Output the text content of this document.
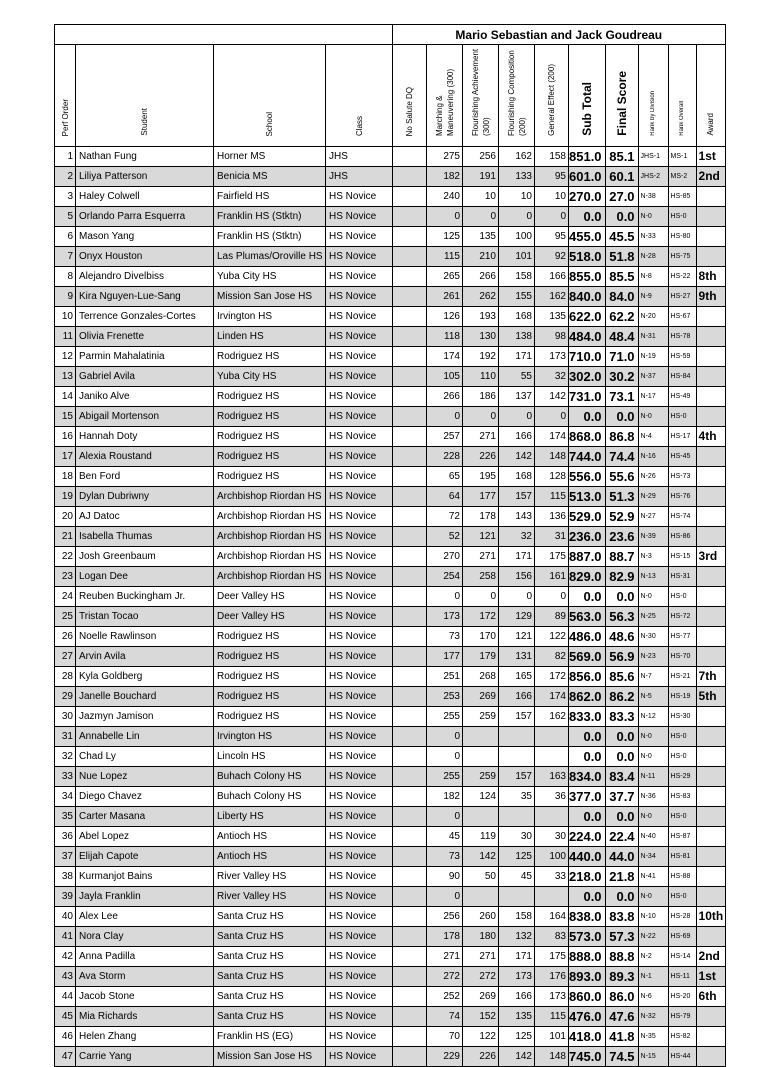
				Mario Sebastian and Jack Goudreau									
Perf Order	Student	School	Class	No Salute DQ	Marching & Maneuvering (300)	Flourishing Achievement (300)	Flourishing Composition (200)	General Effect (200)	Sub Total	Final Score	Rank by Division	Rank Overall	Award
1	Nathan Fung	Horner MS	JHS		275	256	162	158	851.0	85.1	JHS-1	MS-1	1st
2	Liliya Patterson	Benicia MS	JHS		182	191	133	95	601.0	60.1	JHS-2	MS-2	2nd
3	Haley Colwell	Fairfield HS	HS Novice		240	10	10	10	270.0	27.0	N-38	HS-85	
5	Orlando Parra Esquerra	Franklin HS (Stktn)	HS Novice		0	0	0	0	0.0	0.0	N-0	HS-0	
6	Mason Yang	Franklin HS (Stktn)	HS Novice		125	135	100	95	455.0	45.5	N-33	HS-80	
7	Onyx Houston	Las Plumas/Oroville HS	HS Novice		115	210	101	92	518.0	51.8	N-28	HS-75	
8	Alejandro Divelbiss	Yuba City HS	HS Novice		265	266	158	166	855.0	85.5	N-8	HS-22	8th
9	Kira Nguyen-Lue-Sang	Mission San Jose HS	HS Novice		261	262	155	162	840.0	84.0	N-9	HS-27	9th
10	Terrence Gonzales-Cortes	Irvington HS	HS Novice		126	193	168	135	622.0	62.2	N-20	HS-67	
11	Olivia Frenette	Linden HS	HS Novice		118	130	138	98	484.0	48.4	N-31	HS-78	
12	Parmin Mahalatinia	Rodriguez HS	HS Novice		174	192	171	173	710.0	71.0	N-19	HS-59	
13	Gabriel Avila	Yuba City HS	HS Novice		105	110	55	32	302.0	30.2	N-37	HS-84	
14	Janiko Alve	Rodriguez HS	HS Novice		266	186	137	142	731.0	73.1	N-17	HS-49	
15	Abigail Mortenson	Rodriguez HS	HS Novice		0	0	0	0	0.0	0.0	N-0	HS-0	
16	Hannah Doty	Rodriguez HS	HS Novice		257	271	166	174	868.0	86.8	N-4	HS-17	4th
17	Alexia Roustand	Rodriguez HS	HS Novice		228	226	142	148	744.0	74.4	N-16	HS-45	
18	Ben Ford	Rodriguez HS	HS Novice		65	195	168	128	556.0	55.6	N-26	HS-73	
19	Dylan Dubriwny	Archbishop Riordan HS	HS Novice		64	177	157	115	513.0	51.3	N-29	HS-76	
20	AJ Datoc	Archbishop Riordan HS	HS Novice		72	178	143	136	529.0	52.9	N-27	HS-74	
21	Isabella Thumas	Archbishop Riordan HS	HS Novice		52	121	32	31	236.0	23.6	N-39	HS-86	
22	Josh Greenbaum	Archbishop Riordan HS	HS Novice		270	271	171	175	887.0	88.7	N-3	HS-15	3rd
23	Logan Dee	Archbishop Riordan HS	HS Novice		254	258	156	161	829.0	82.9	N-13	HS-31	
24	Reuben Buckingham Jr.	Deer Valley HS	HS Novice		0	0	0	0	0.0	0.0	N-0	HS-0	
25	Tristan Tocao	Deer Valley HS	HS Novice		173	172	129	89	563.0	56.3	N-25	HS-72	
26	Noelle Rawlinson	Rodriguez HS	HS Novice		73	170	121	122	486.0	48.6	N-30	HS-77	
27	Arvin Avila	Rodriguez HS	HS Novice		177	179	131	82	569.0	56.9	N-23	HS-70	
28	Kyla Goldberg	Rodriguez HS	HS Novice		251	268	165	172	856.0	85.6	N-7	HS-21	7th
29	Janelle Bouchard	Rodriguez HS	HS Novice		253	269	166	174	862.0	86.2	N-5	HS-19	5th
30	Jazmyn Jamison	Rodriguez HS	HS Novice		255	259	157	162	833.0	83.3	N-12	HS-30	
31	Annabelle Lin	Irvington HS	HS Novice		0				0.0	0.0	N-0	HS-0	
32	Chad Ly	Lincoln HS	HS Novice		0				0.0	0.0	N-0	HS-0	
33	Nue Lopez	Buhach Colony HS	HS Novice		255	259	157	163	834.0	83.4	N-11	HS-29	
34	Diego Chavez	Buhach Colony HS	HS Novice		182	124	35	36	377.0	37.7	N-36	HS-83	
35	Carter Masana	Liberty HS	HS Novice		0				0.0	0.0	N-0	HS-0	
36	Abel Lopez	Antioch HS	HS Novice		45	119	30	30	224.0	22.4	N-40	HS-87	
37	Elijah Capote	Antioch HS	HS Novice		73	142	125	100	440.0	44.0	N-34	HS-81	
38	Kurmanjot Bains	River Valley HS	HS Novice		90	50	45	33	218.0	21.8	N-41	HS-88	
39	Jayla Franklin	River Valley HS	HS Novice		0				0.0	0.0	N-0	HS-0	
40	Alex Lee	Santa Cruz HS	HS Novice		256	260	158	164	838.0	83.8	N-10	HS-28	10th
41	Nora Clay	Santa Cruz HS	HS Novice		178	180	132	83	573.0	57.3	N-22	HS-69	
42	Anna Padilla	Santa Cruz HS	HS Novice		271	271	171	175	888.0	88.8	N-2	HS-14	2nd
43	Ava Storm	Santa Cruz HS	HS Novice		272	272	173	176	893.0	89.3	N-1	HS-11	1st
44	Jacob Stone	Santa Cruz HS	HS Novice		252	269	166	173	860.0	86.0	N-6	HS-20	6th
45	Mia Richards	Santa Cruz HS	HS Novice		74	152	135	115	476.0	47.6	N-32	HS-79	
46	Helen Zhang	Franklin HS (EG)	HS Novice		70	122	125	101	418.0	41.8	N-35	HS-82	
47	Carrie Yang	Mission San Jose HS	HS Novice		229	226	142	148	745.0	74.5	N-15	HS-44	
